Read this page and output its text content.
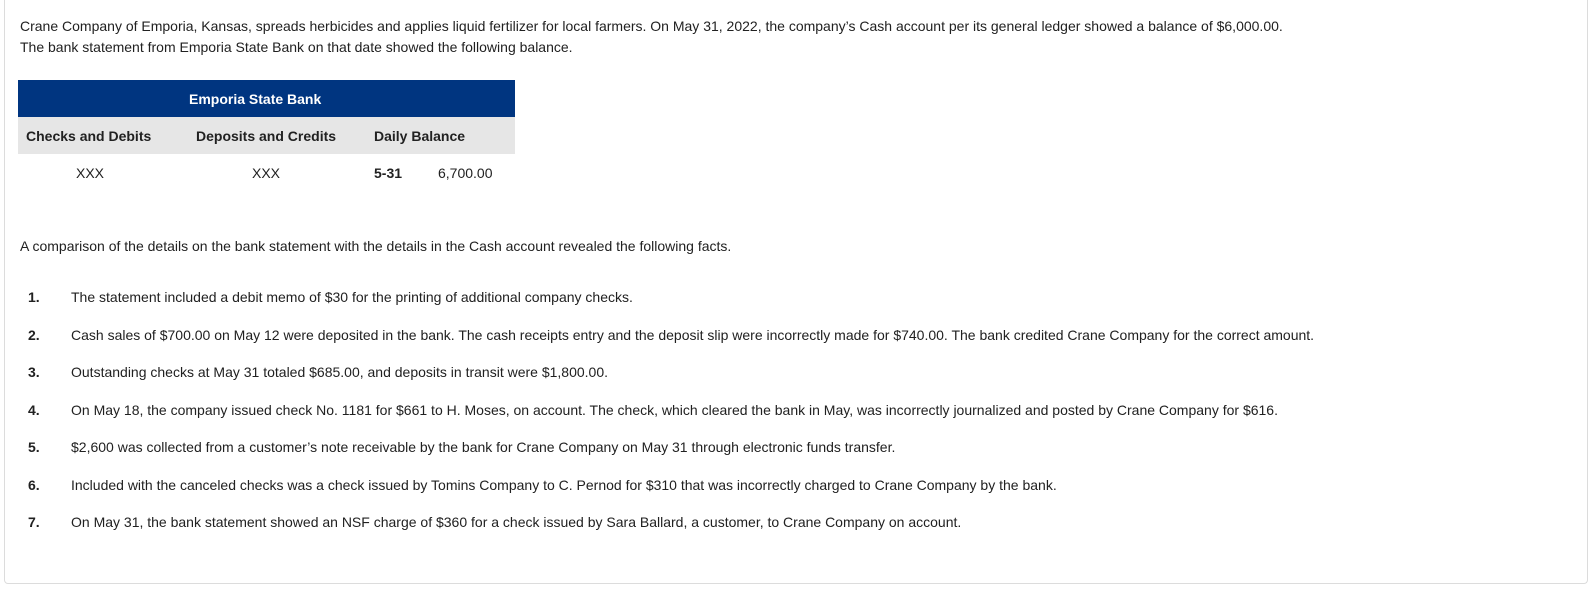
Crane Company of Emporia, Kansas, spreads herbicides and applies liquid fertilizer for local farmers. On May 31, 2022, the company’s Cash account per its general ledger showed a balance of $6,000.00.

The bank statement from Emporia State Bank on that date showed the following balance.

Emporia State Bank		
Checks and Debits	Deposits and Credits	Daily Balance
XXX	XXX	5-31 6,700.00

A comparison of the details on the bank statement with the details in the Cash account revealed the following facts.

1.	The statement included a debit memo of $30 for the printing of additional company checks.
2.	Cash sales of $700.00 on May 12 were deposited in the bank. The cash receipts entry and the deposit slip were incorrectly made for $740.00. The bank credited Crane Company for the correct amount.
3.	Outstanding checks at May 31 totaled $685.00, and deposits in transit were $1,800.00.
4.	On May 18, the company issued check No. 1181 for $661 to H. Moses, on account. The check, which cleared the bank in May, was incorrectly journalized and posted by Crane Company for $616.
5.	$2,600 was collected from a customer’s note receivable by the bank for Crane Company on May 31 through electronic funds transfer.
6.	Included with the canceled checks was a check issued by Tomins Company to C. Pernod for $310 that was incorrectly charged to Crane Company by the bank.
7.	On May 31, the bank statement showed an NSF charge of $360 for a check issued by Sara Ballard, a customer, to Crane Company on account.
